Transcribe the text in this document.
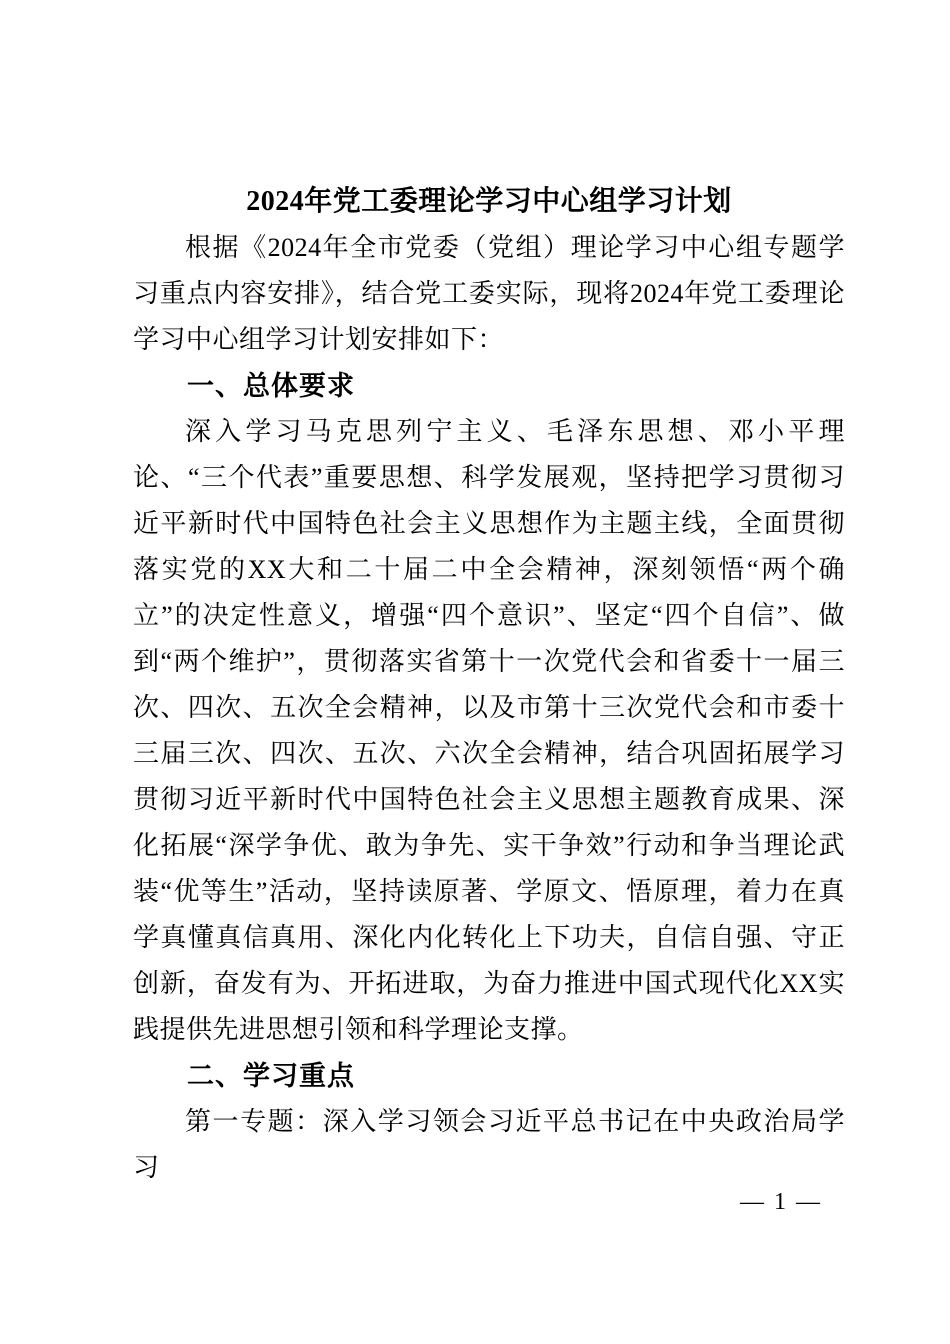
2024年党工委理论学习中心组学习计划

根据《2024年全市党委（党组）理论学习中心组专题学习重点内容安排》，结合党工委实际，现将2024年党工委理论学习中心组学习计划安排如下：

一、总体要求

深入学习马克思列宁主义、毛泽东思想、邓小平理论、“三个代表”重要思想、科学发展观，坚持把学习贯彻习近平新时代中国特色社会主义思想作为主题主线，全面贯彻落实党的XX大和二十届二中全会精神，深刻领悟“两个确立”的决定性意义，增强“四个意识”、坚定“四个自信”、做到“两个维护”，贯彻落实省第十一次党代会和省委十一届三次、四次、五次全会精神，以及市第十三次党代会和市委十三届三次、四次、五次、六次全会精神，结合巩固拓展学习贯彻习近平新时代中国特色社会主义思想主题教育成果、深化拓展“深学争优、敢为争先、实干争效”行动和争当理论武装“优等生”活动，坚持读原著、学原文、悟原理，着力在真学真懂真信真用、深化内化转化上下功夫，自信自强、守正创新，奋发有为、开拓进取，为奋力推进中国式现代化XX实践提供先进思想引领和科学理论支撑。

二、学习重点

第一专题：深入学习领会习近平总书记在中央政治局学习

— 1 —
